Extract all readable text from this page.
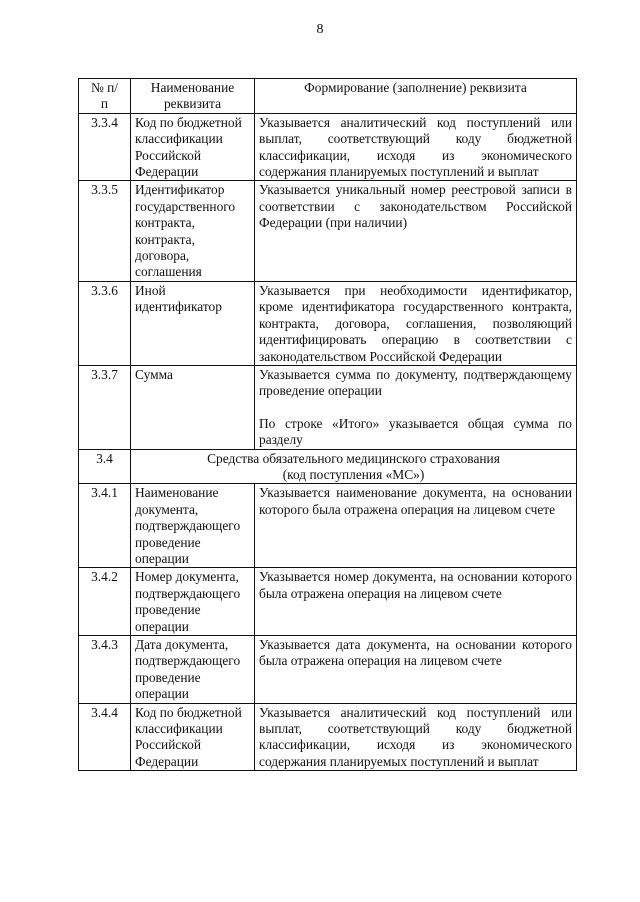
8
№ п/п	Наименование реквизита	Формирование (заполнение) реквизита
3.3.4	Код по бюджетной классификации Российской Федерации	Указывается аналитический код поступлений или выплат, соответствующий коду бюджетной классификации, исходя из экономического содержания планируемых поступлений и выплат

3.3.5	Идентификатор государственного контракта, контракта, договора, соглашения	Указывается уникальный номер реестровой записи в соответствии с законодательством Российской Федерации (при наличии)

3.3.6	Иной идентификатор	Указывается при необходимости идентификатор, кроме идентификатора государственного контракта, контракта, договора, соглашения, позволяющий идентифицировать операцию в соответствии с законодательством Российской Федерации

3.3.7	Сумма	Указывается сумма по документу, подтверждающему проведение операции
По строке «Итого» указывается общая сумма по разделу

3.4	Средства обязательного медицинского страхования
(код поступления «МС»)	

3.4.1	Наименование документа, подтверждающего проведение операции	Указывается наименование документа, на основании которого была отражена операция на лицевом счете

3.4.2	Номер документа, подтверждающего проведение операции	Указывается номер документа, на основании которого была отражена операция на лицевом счете

3.4.3	Дата документа, подтверждающего проведение операции	Указывается дата документа, на основании которого была отражена операция на лицевом счете

3.4.4	Код по бюджетной классификации Российской Федерации	Указывается аналитический код поступлений или выплат, соответствующий коду бюджетной классификации, исходя из экономического содержания планируемых поступлений и выплат
